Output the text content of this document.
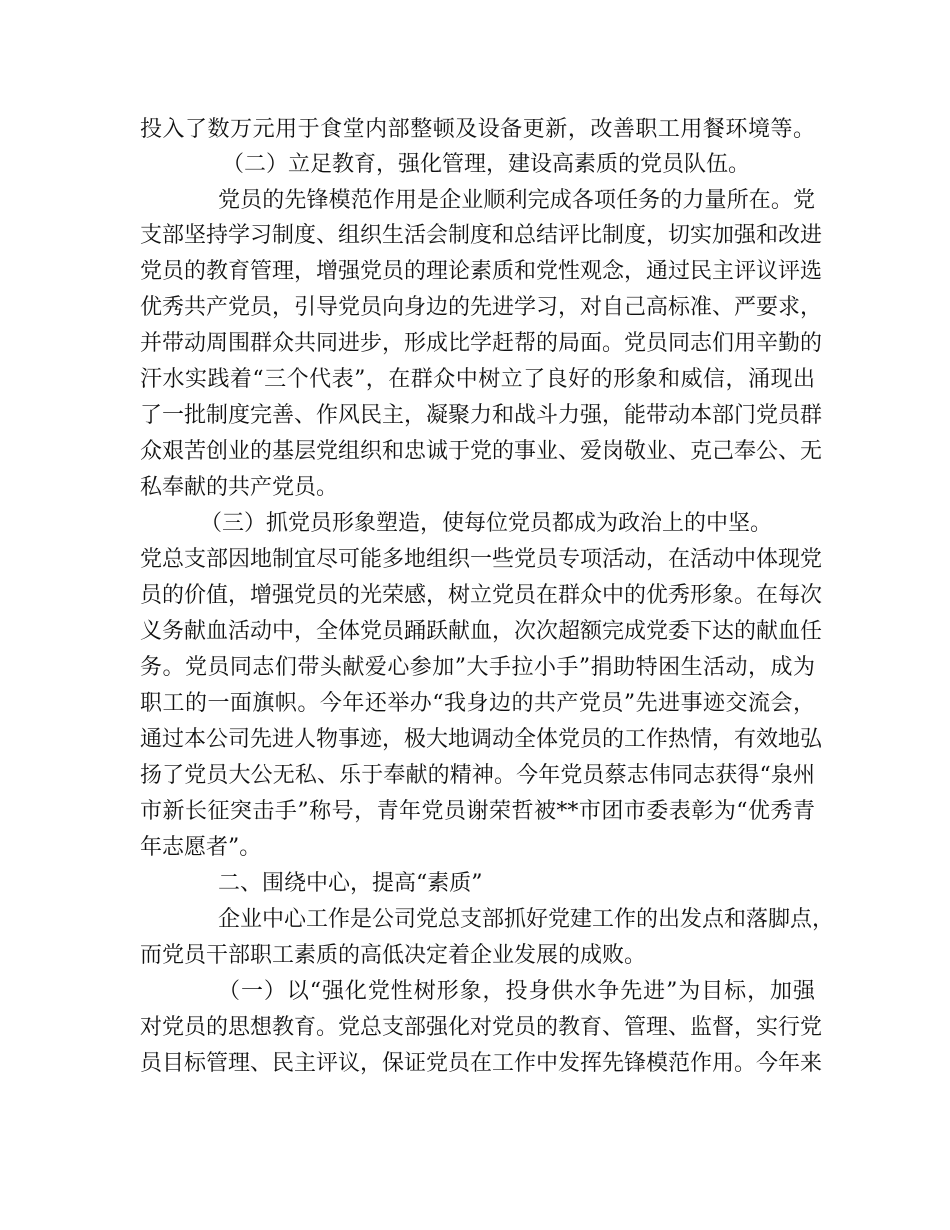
投入了数万元用于食堂内部整顿及设备更新，改善职工用餐环境等。

（二）立足教育，强化管理，建设高素质的党员队伍。

党员的先锋模范作用是企业顺利完成各项任务的力量所在。党

支部坚持学习制度、组织生活会制度和总结评比制度，切实加强和改进

党员的教育管理，增强党员的理论素质和党性观念，通过民主评议评选

优秀共产党员，引导党员向身边的先进学习，对自己高标准、严要求，

并带动周围群众共同进步，形成比学赶帮的局面。党员同志们用辛勤的

汗水实践着“三个代表”，在群众中树立了良好的形象和威信，涌现出

了一批制度完善、作风民主，凝聚力和战斗力强，能带动本部门党员群

众艰苦创业的基层党组织和忠诚于党的事业、爱岗敬业、克己奉公、无

私奉献的共产党员。

（三）抓党员形象塑造，使每位党员都成为政治上的中坚。

党总支部因地制宜尽可能多地组织一些党员专项活动，在活动中体现党

员的价值，增强党员的光荣感，树立党员在群众中的优秀形象。在每次

义务献血活动中，全体党员踊跃献血，次次超额完成党委下达的献血任

务。党员同志们带头献爱心参加”大手拉小手”捐助特困生活动，成为

职工的一面旗帜。今年还举办“我身边的共产党员”先进事迹交流会，

通过本公司先进人物事迹，极大地调动全体党员的工作热情，有效地弘

扬了党员大公无私、乐于奉献的精神。今年党员蔡志伟同志获得“泉州

市新长征突击手”称号，青年党员谢荣哲被**市团市委表彰为“优秀青

年志愿者”。

二、围绕中心，提高“素质”

企业中心工作是公司党总支部抓好党建工作的出发点和落脚点，

而党员干部职工素质的高低决定着企业发展的成败。

（一）以“强化党性树形象，投身供水争先进”为目标，加强

对党员的思想教育。党总支部强化对党员的教育、管理、监督，实行党

员目标管理、民主评议，保证党员在工作中发挥先锋模范作用。今年来
